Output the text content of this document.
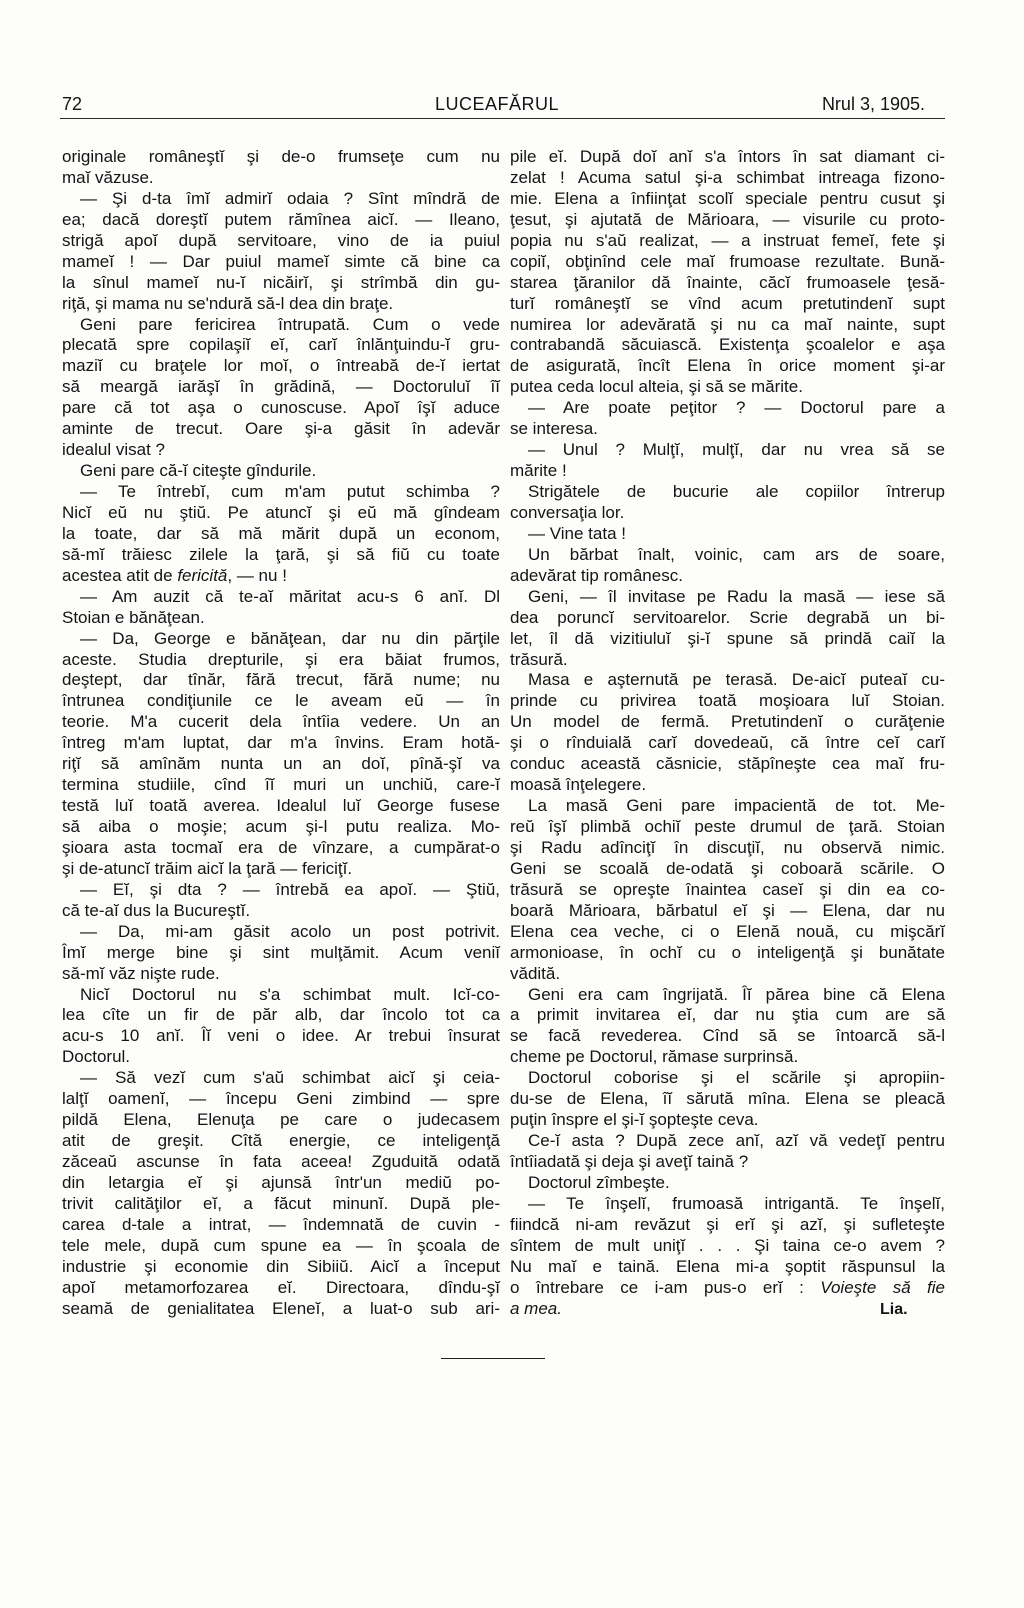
72	LUCEAFĂRUL	Nrul 3, 1905.
originale româneştĭ şi de-o frumseţe cum nu
maĭ văzuse.
— Şi d-ta îmĭ admirĭ odaia ? Sînt mîndră de
ea; dacă doreştĭ putem rămînea aicĭ. — Ileano,
strigă apoĭ după servitoare, vino de ia puiul
mameĭ ! — Dar puiul mameĭ simte că bine ca
la sînul mameĭ nu-ĭ nicăirĭ, şi strîmbă din gu-
riţă, şi mama nu se'ndură să-l dea din braţe.
Geni pare fericirea întrupată. Cum o vede
plecată spre copilaşiĭ eĭ, carĭ înlănţuindu-ĭ gru-
maziĭ cu braţele lor moĭ, o întreabă de-ĭ iertat
să meargă iarăşĭ în grădină, — Doctoruluĭ îĭ
pare că tot aşa o cunoscuse. Apoĭ îşĭ aduce
aminte de trecut. Oare şi-a găsit în adevăr
idealul visat ?
Geni pare că-ĭ citeşte gîndurile.
— Te întrebĭ, cum m'am putut schimba ?
Nicĭ eŭ nu ştiŭ. Pe atuncĭ şi eŭ mă gîndeam
la toate, dar să mă mărit după un econom,
să-mĭ trăiesc zilele la ţară, şi să fiŭ cu toate
acestea atit de fericită, — nu !
— Am auzit că te-aĭ măritat acu-s 6 anĭ. Dl
Stoian e bănăţean.
— Da, George e bănăţean, dar nu din părţile
aceste. Studia drepturile, şi era băiat frumos,
deştept, dar tînăr, fără trecut, fără nume; nu
întrunea condiţiunile ce le aveam eŭ — în
teorie. M'a cucerit dela întîia vedere. Un an
întreg m'am luptat, dar m'a învins. Eram hotă-
riţĭ să amînăm nunta un an doĭ, pînă-şĭ va
termina studiile, cînd îĭ muri un unchiŭ, care-ĭ
testă luĭ toată averea. Idealul luĭ George fusese
să aiba o moşie; acum şi-l putu realiza. Mo-
şioara asta tocmaĭ era de vînzare, a cumpărat-o
şi de-atuncĭ trăim aicĭ la ţară — fericiţĭ.
— Eĭ, şi dta ? — întrebă ea apoĭ. — Ştiŭ,
că te-aĭ dus la Bucureştĭ.
— Da, mi-am găsit acolo un post potrivit.
Îmĭ merge bine şi sint mulţămit. Acum veniĭ
să-mĭ văz nişte rude.
Nicĭ Doctorul nu s'a schimbat mult. Icĭ-co-
lea cîte un fir de păr alb, dar încolo tot ca
acu-s 10 anĭ. Îĭ veni o idee. Ar trebui însurat
Doctorul.
— Să vezĭ cum s'aŭ schimbat aicĭ şi ceia-
lalţĭ oamenĭ, — începu Geni zimbind — spre
pildă Elena, Elenuţa pe care o judecasem
atit de greşit. Cîtă energie, ce inteligenţă
zăceaŭ ascunse în fata aceea! Zguduită odată
din letargia eĭ şi ajunsă într'un mediŭ po-
trivit calităţilor eĭ, a făcut minunĭ. După ple-
carea d-tale a intrat, — îndemnată de cuvin -
tele mele, după cum spune ea — în şcoala de
industrie şi economie din Sibiiŭ. Aicĭ a început
apoĭ metamorfozarea eĭ. Directoara, dîndu-şĭ
seamă de genialitatea Eleneĭ, a luat-o sub ari-
pile eĭ. După doĭ anĭ s'a întors în sat diamant ci-
zelat ! Acuma satul şi-a schimbat intreaga fizono-
mie. Elena a înfiinţat scolĭ speciale pentru cusut şi
ţesut, şi ajutată de Mărioara, — visurile cu proto-
popia nu s'aŭ realizat, — a instruat femeĭ, fete şi
copiĭ, obţinînd cele maĭ frumoase rezultate. Bună-
starea ţăranilor dă înainte, căcĭ frumoasele ţesă-
turĭ româneştĭ se vînd acum pretutindenĭ supt
numirea lor adevărată şi nu ca maĭ nainte, supt
contrabandă săcuiască. Existenţa şcoalelor e aşa
de asigurată, încît Elena în orice moment şi-ar
putea ceda locul alteia, şi să se mărite.
— Are poate peţitor ? — Doctorul pare a
se interesa.
— Unul ? Mulţĭ, mulţĭ, dar nu vrea să se
mărite !
Strigătele de bucurie ale copiilor întrerup
conversaţia lor.
— Vine tata !
Un bărbat înalt, voinic, cam ars de soare,
adevărat tip românesc.
Geni, — îl invitase pe Radu la masă — iese să
dea poruncĭ servitoarelor. Scrie degrabă un bi-
let, îl dă vizitiuluĭ şi-ĭ spune să prindă caiĭ la
trăsură.
Masa e aşternută pe terasă. De-aicĭ puteaĭ cu-
prinde cu privirea toată moşioara luĭ Stoian.
Un model de fermă. Pretutindenĭ o curăţenie
şi o rînduială carĭ dovedeaŭ, că între ceĭ carĭ
conduc această căsnicie, stăpîneşte cea maĭ fru-
moasă înţelegere.
La masă Geni pare impacientă de tot. Me-
reŭ îşĭ plimbă ochiĭ peste drumul de ţară. Stoian
şi Radu adînciţĭ în discuţiĭ, nu observă nimic.
Geni se scoală de-odată şi coboară scările. O
trăsură se opreşte înaintea caseĭ şi din ea co-
boară Mărioara, bărbatul eĭ şi — Elena, dar nu
Elena cea veche, ci o Elenă nouă, cu mişcărĭ
armonioase, în ochĭ cu o inteligenţă şi bunătate
vădită.
Geni era cam îngrijată. Îĭ părea bine că Elena
a primit invitarea eĭ, dar nu ştia cum are să
se facă revederea. Cînd să se întoarcă să-l
cheme pe Doctorul, rămase surprinsă.
Doctorul coborise şi el scările şi apropiin-
du-se de Elena, îĭ sărută mîna. Elena se pleacă
puţin înspre el şi-ĭ şopteşte ceva.
Ce-ĭ asta ? După zece anĭ, azĭ vă vedeţĭ pentru
întîiadată şi deja şi aveţĭ taină ?
Doctorul zîmbeşte.
— Te înşelĭ, frumoasă intrigantă. Te înşelĭ,
fiindcă ni-am revăzut şi erĭ şi azĭ, şi sufleteşte
sîntem de mult uniţĭ . . . Şi taina ce-o avem ?
Nu maĭ e taină. Elena mi-a şoptit răspunsul la
o întrebare ce i-am pus-o erĭ : Voieşte să fie
a mea.	Lia.
